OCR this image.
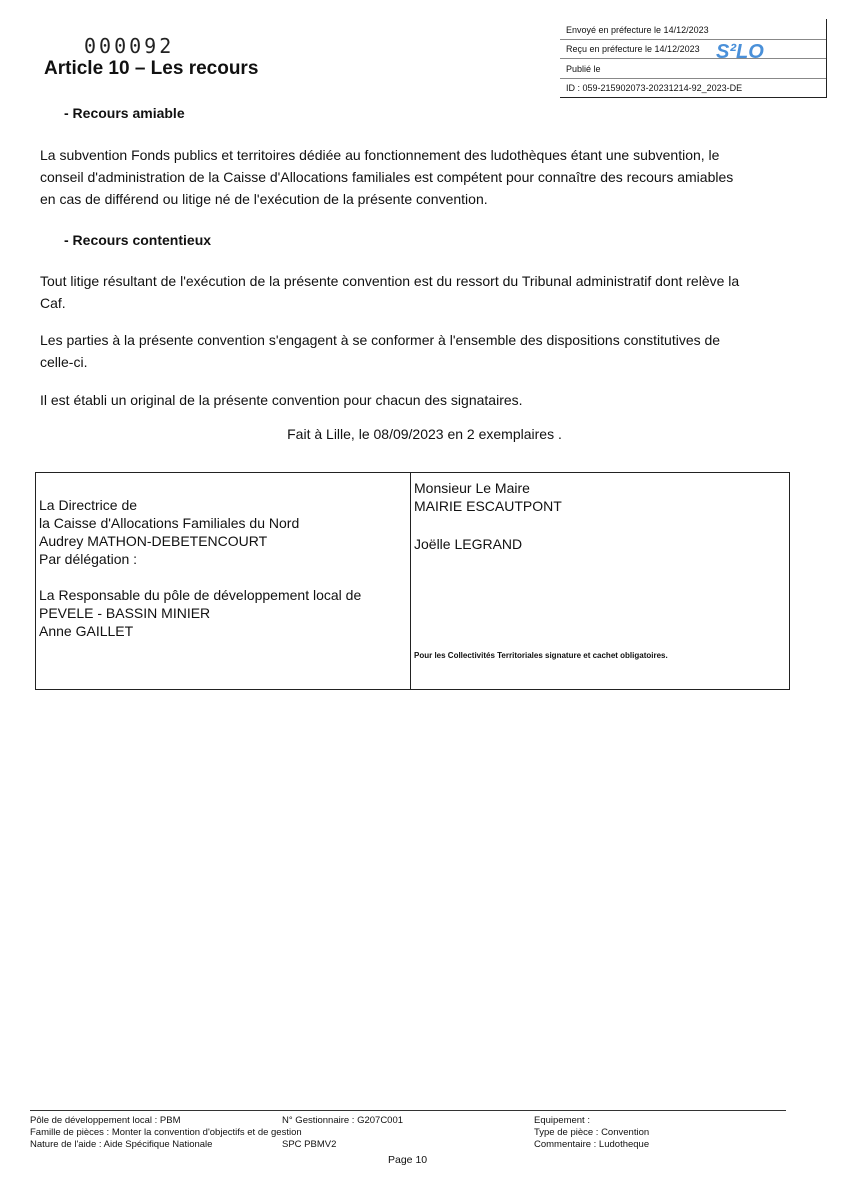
000092
Article 10 – Les recours
Envoyé en préfecture le 14/12/2023
Reçu en préfecture le 14/12/2023
Publié le
ID : 059-215902073-20231214-92_2023-DE
S²LO
- Recours amiable
La subvention Fonds publics et territoires dédiée au fonctionnement des ludothèques étant une subvention, le
conseil d'administration de la Caisse d'Allocations familiales est compétent pour connaître des recours amiables
en cas de différend ou litige né de l'exécution de la présente convention.
- Recours contentieux
Tout litige résultant de l'exécution de la présente convention est du ressort du Tribunal administratif dont relève la
Caf.
Les parties à la présente convention s'engagent à se conformer à l'ensemble des dispositions constitutives de
celle-ci.
Il est établi un original de la présente convention pour chacun des signataires.
Fait à Lille, le 08/09/2023 en 2 exemplaires .
La Directrice de
la Caisse d'Allocations Familiales du Nord
Audrey MATHON-DEBETENCOURT
Par délégation :
La Responsable du pôle de développement local de
PEVELE - BASSIN MINIER
Anne GAILLET
Monsieur Le Maire
MAIRIE ESCAUTPONT
Joëlle LEGRAND
Pour les Collectivités Territoriales signature et cachet obligatoires.
Pôle de développement local : PBM	N° Gestionnaire : G207C001
Famille de pièces : Monter la convention d'objectifs et de gestion
Nature de l'aide : Aide Spécifique Nationale	SPC PBMV2
Equipement :
Type de pièce : Convention
Commentaire : Ludotheque
Page 10
